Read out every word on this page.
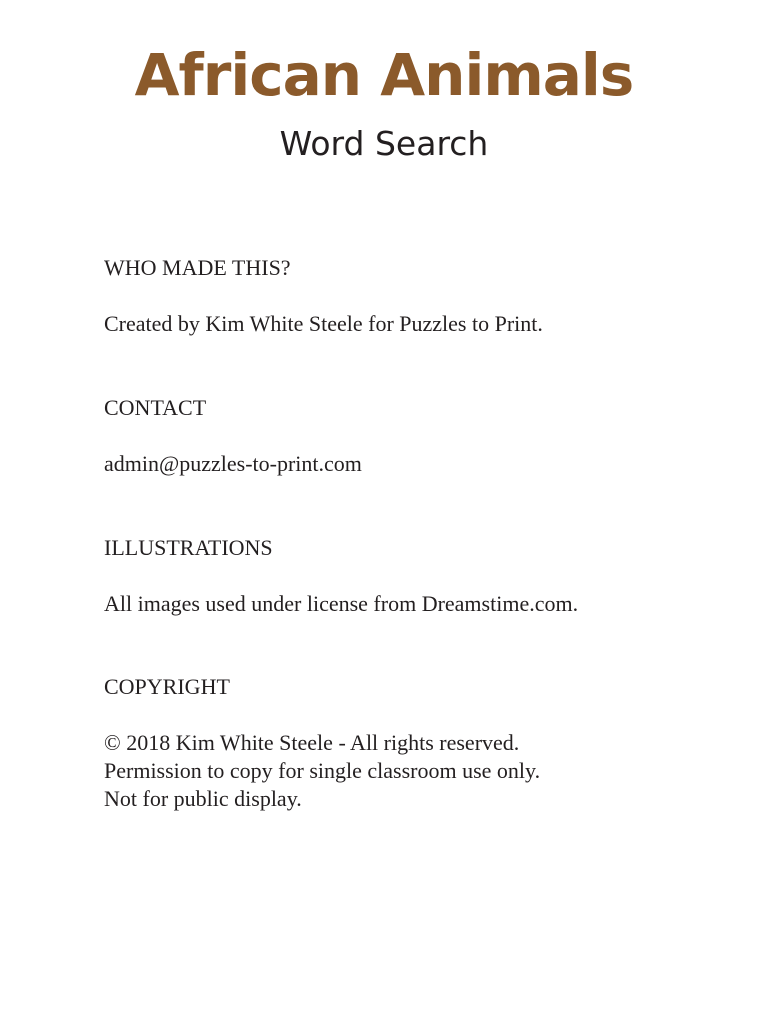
African Animals
Word Search
WHO MADE THIS?

Created by Kim White Steele for Puzzles to Print.

CONTACT

admin@puzzles-to-print.com

ILLUSTRATIONS

All images used under license from Dreamstime.com.

COPYRIGHT

© 2018 Kim White Steele - All rights reserved.
Permission to copy for single classroom use only.
Not for public display.
